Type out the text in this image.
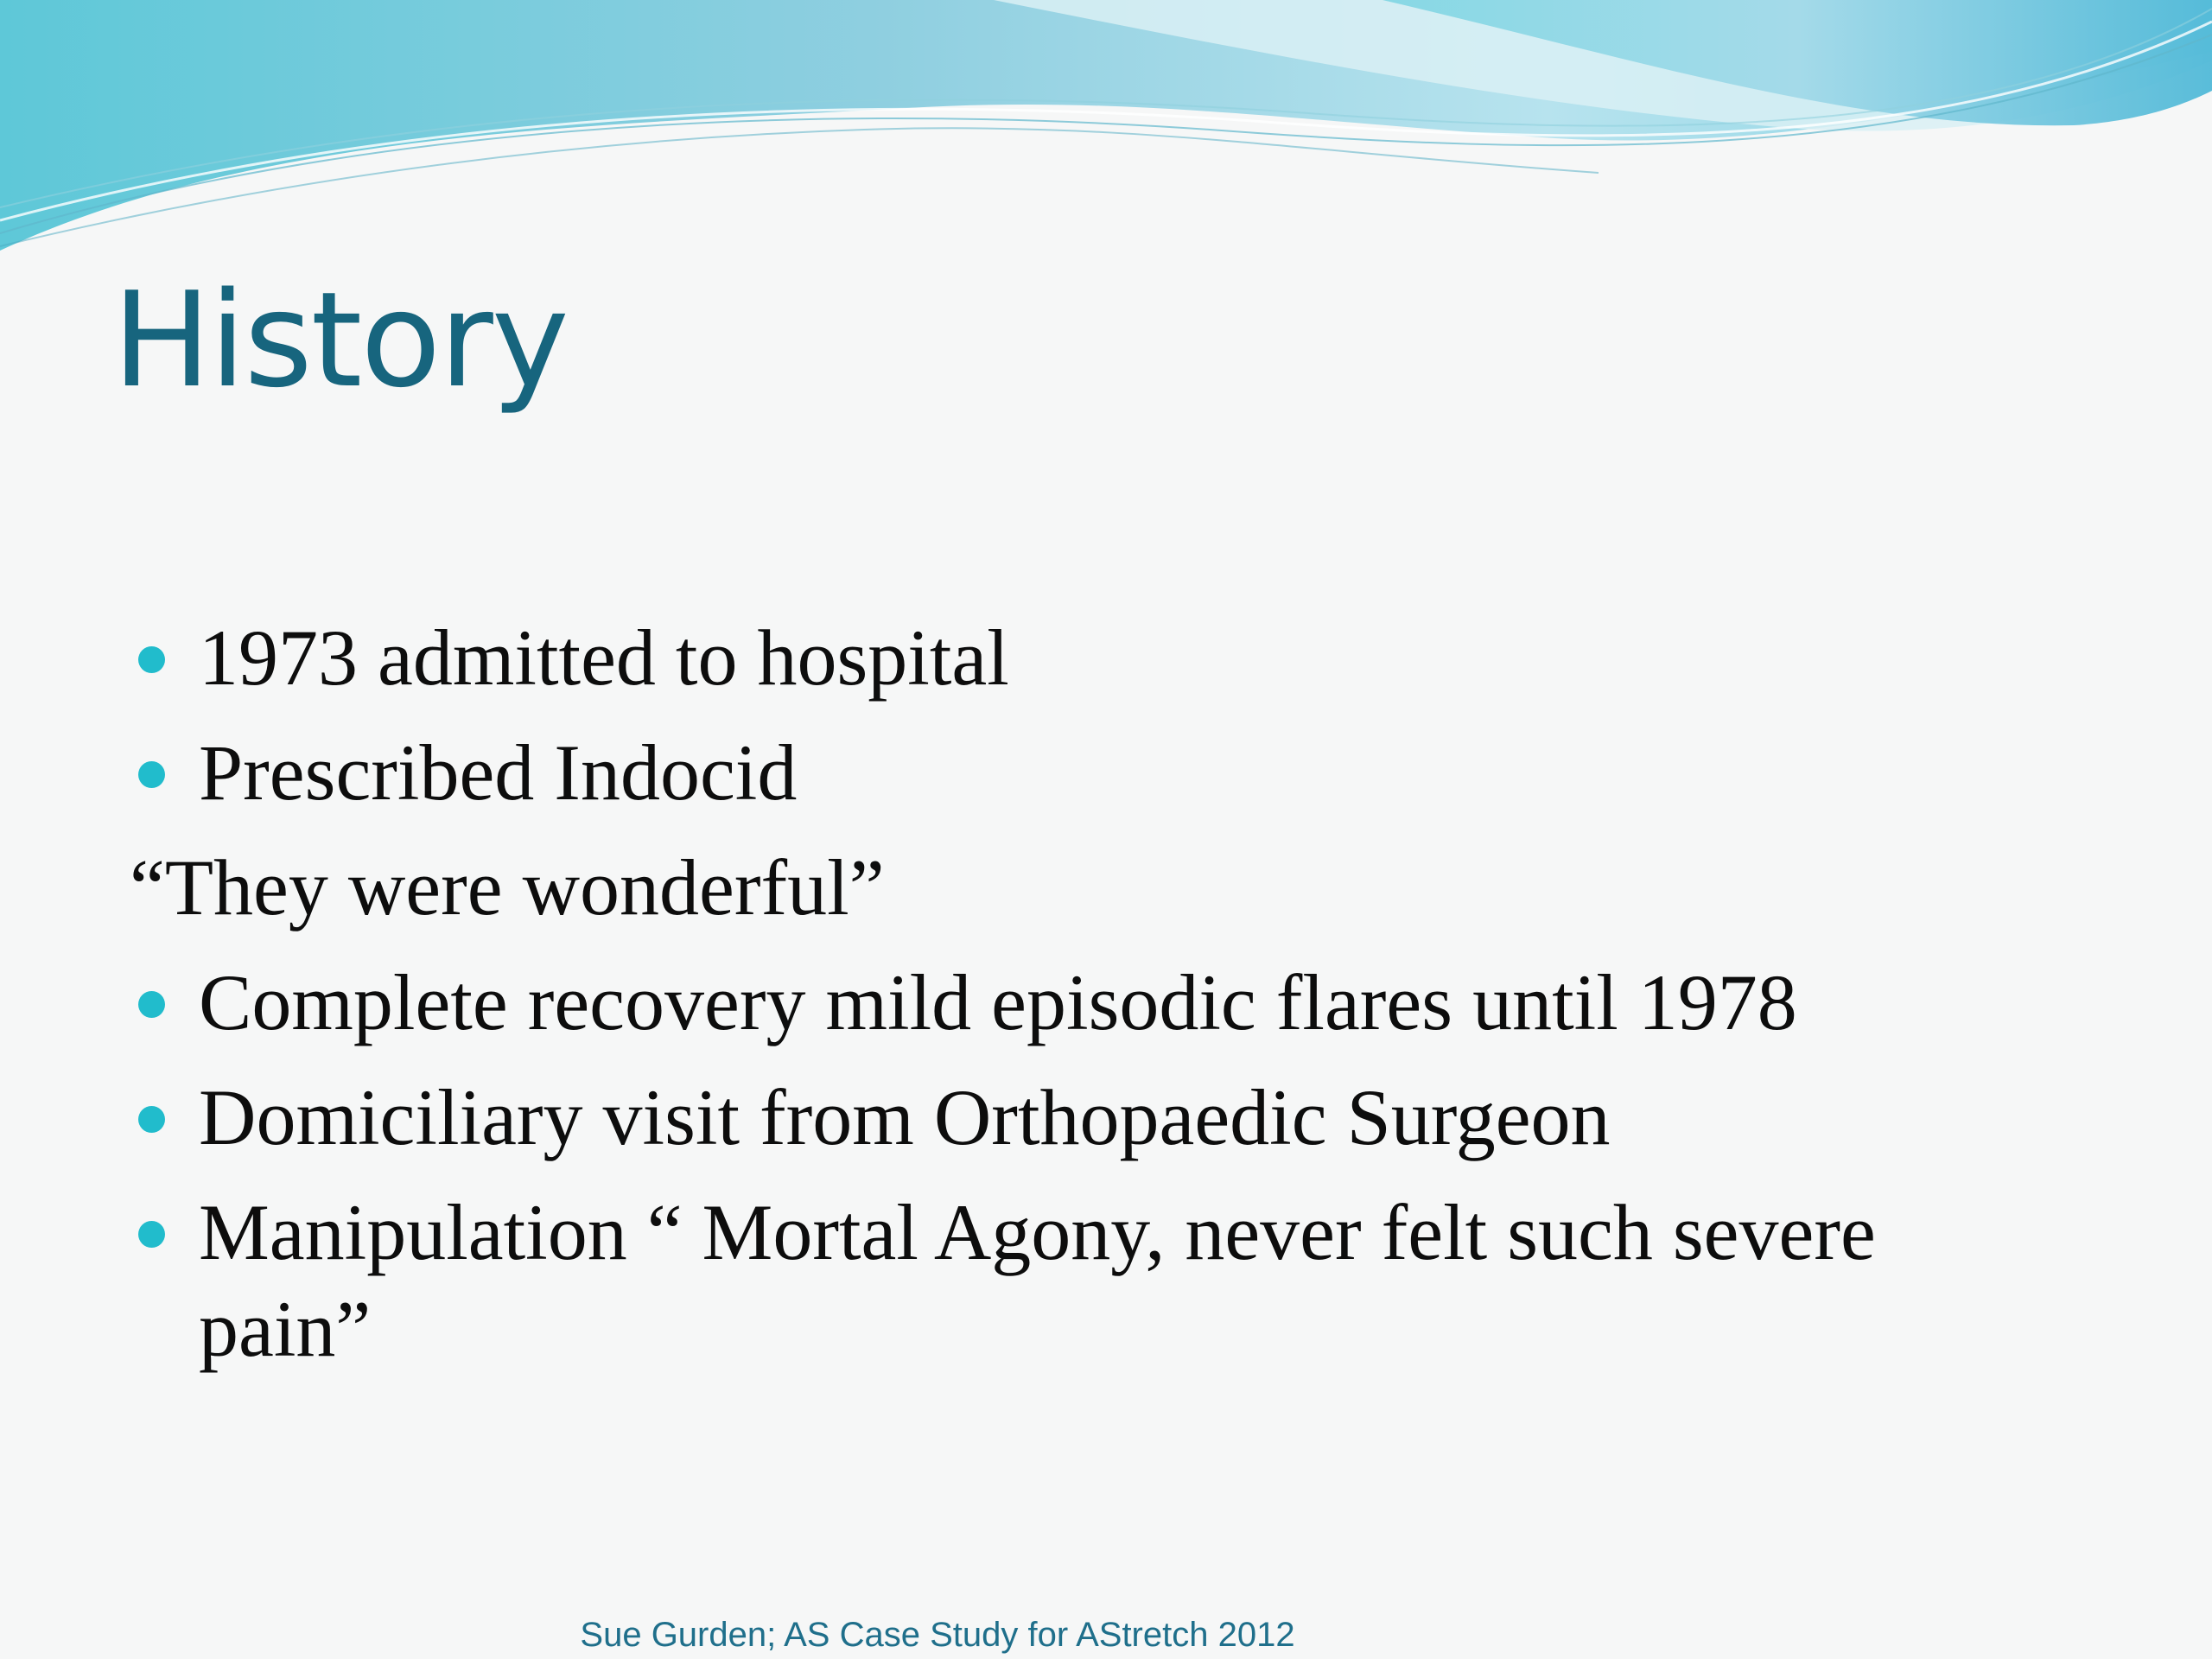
History
1973 admitted to hospital
Prescribed Indocid
“They were wonderful”
Complete recovery mild episodic flares until 1978
Domiciliary visit from Orthopaedic Surgeon
Manipulation “ Mortal Agony, never felt such severe
pain”
Sue Gurden; AS Case Study for AStretch 2012
